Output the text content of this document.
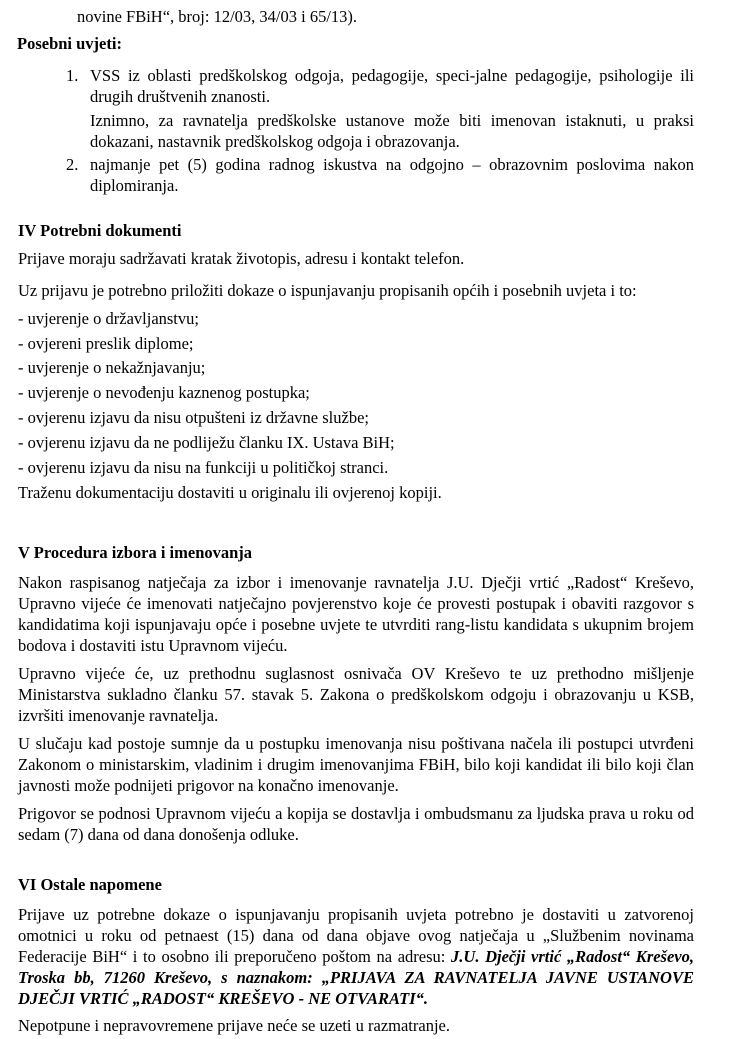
novine FBiH“, broj: 12/03, 34/03 i 65/13).

Posebni uvjeti:

1. VSS iz oblasti predškolskog odgoja, pedagogije, speci-jalne pedagogije, psihologije ili drugih društvenih znanosti.

Iznimno, za ravnatelja predškolske ustanove može biti imenovan istaknuti, u praksi dokazani, nastavnik predškolskog odgoja i obrazovanja.

2. najmanje pet (5) godina radnog iskustva na odgojno – obrazovnim poslovima nakon diplomiranja.

IV Potrebni dokumenti

Prijave moraju sadržavati kratak životopis, adresu i kontakt telefon.

Uz prijavu je potrebno priložiti dokaze o ispunjavanju propisanih općih i posebnih uvjeta i to:

- uvjerenje o državljanstvu;

- ovjereni preslik diplome;

- uvjerenje o nekažnjavanju;

- uvjerenje o nevođenju kaznenog postupka;

- ovjerenu izjavu da nisu otpušteni iz državne službe;

- ovjerenu izjavu da ne podliježu članku IX. Ustava BiH;

- ovjerenu izjavu da nisu na funkciji u političkoj stranci.

Traženu dokumentaciju dostaviti u originalu ili ovjerenoj kopiji.

V Procedura izbora i imenovanja

Nakon raspisanog natječaja za izbor i imenovanje ravnatelja J.U. Dječji vrtić „Radost“ Kreševo, Upravno vijeće će imenovati natječajno povjerenstvo koje će provesti postupak i obaviti razgovor s kandidatima koji ispunjavaju opće i posebne uvjete te utvrditi rang-listu kandidata s ukupnim brojem bodova i dostaviti istu Upravnom vijeću.

Upravno vijeće će, uz prethodnu suglasnost osnivača OV Kreševo te uz prethodno mišljenje Ministarstva sukladno članku 57. stavak 5. Zakona o predškolskom odgoju i obrazovanju u KSB, izvršiti imenovanje ravnatelja.

U slučaju kad postoje sumnje da u postupku imenovanja nisu poštivana načela ili postupci utvrđeni Zakonom o ministarskim, vladinim i drugim imenovanjima FBiH, bilo koji kandidat ili bilo koji član javnosti može podnijeti prigovor na konačno imenovanje.

Prigovor se podnosi Upravnom vijeću a kopija se dostavlja i ombudsmanu za ljudska prava u roku od sedam (7) dana od dana donošenja odluke.

VI Ostale napomene

Prijave uz potrebne dokaze o ispunjavanju propisanih uvjeta potrebno je dostaviti u zatvorenoj omotnici u roku od petnaest (15) dana od dana objave ovog natječaja u „Službenim novinama Federacije BiH“ i to osobno ili preporučeno poštom na adresu: J.U. Dječji vrtić „Radost“ Kreševo, Troska bb, 71260 Kreševo, s naznakom: „PRIJAVA ZA RAVNATELJA JAVNE USTANOVE DJEČJI VRTIĆ „RADOST“ KREŠEVO - NE OTVARATI“.

Nepotpune i nepravovremene prijave neće se uzeti u razmatranje.
